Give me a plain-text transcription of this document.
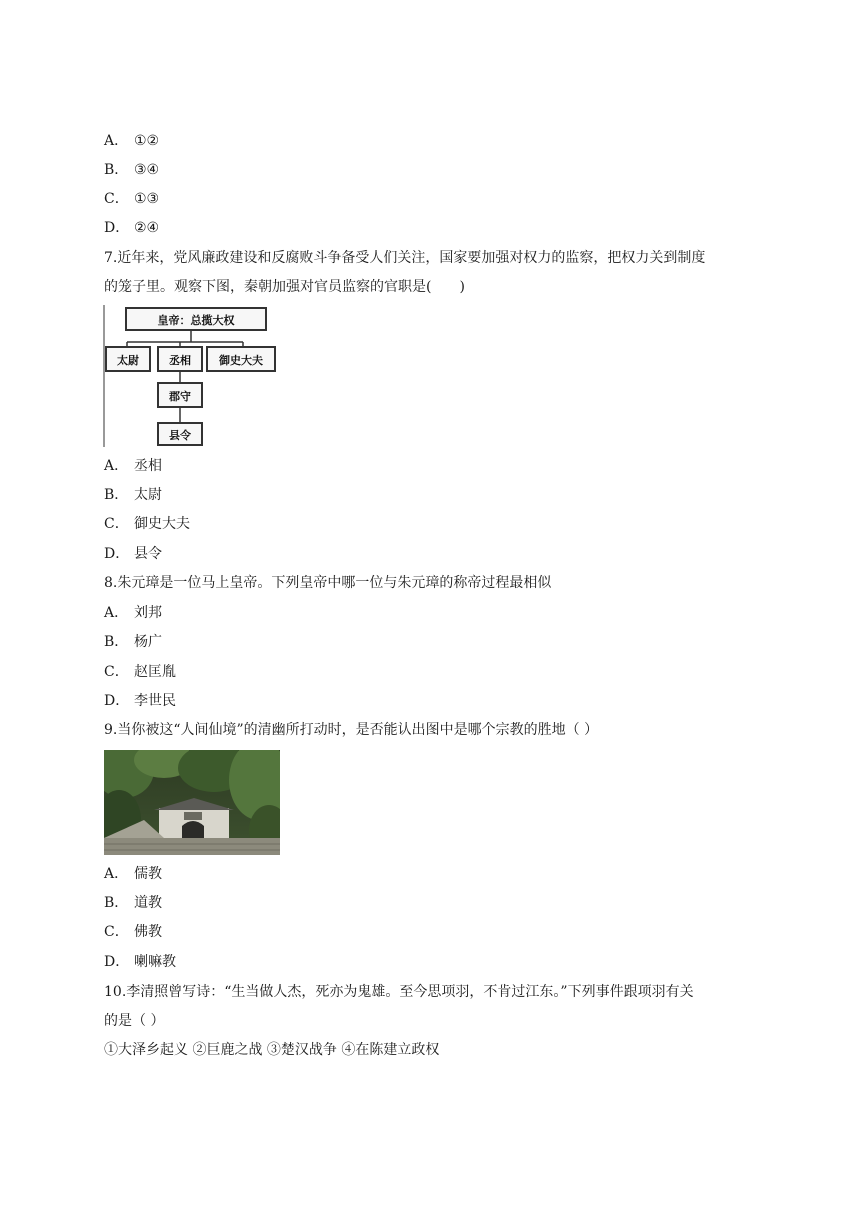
A． ①②
B． ③④
C． ①③
D． ②④
7.近年来，党风廉政建设和反腐败斗争备受人们关注，国家要加强对权力的监察，把权力关到制度
的笼子里。观察下图，秦朝加强对官员监察的官职是(　　)
皇帝：总揽大权
太尉	丞相	御史大夫
郡守
县令
A． 丞相
B． 太尉
C． 御史大夫
D． 县令
8.朱元璋是一位马上皇帝。下列皇帝中哪一位与朱元璋的称帝过程最相似
A． 刘邦
B． 杨广
C． 赵匡胤
D． 李世民
9.当你被这“人间仙境”的清幽所打动时，是否能认出图中是哪个宗教的胜地（ ）
A． 儒教
B． 道教
C． 佛教
D． 喇嘛教
10.李清照曾写诗：“生当做人杰，死亦为鬼雄。至今思项羽，不肯过江东。”下列事件跟项羽有关
的是（ ）
①大泽乡起义 ②巨鹿之战 ③楚汉战争 ④在陈建立政权
